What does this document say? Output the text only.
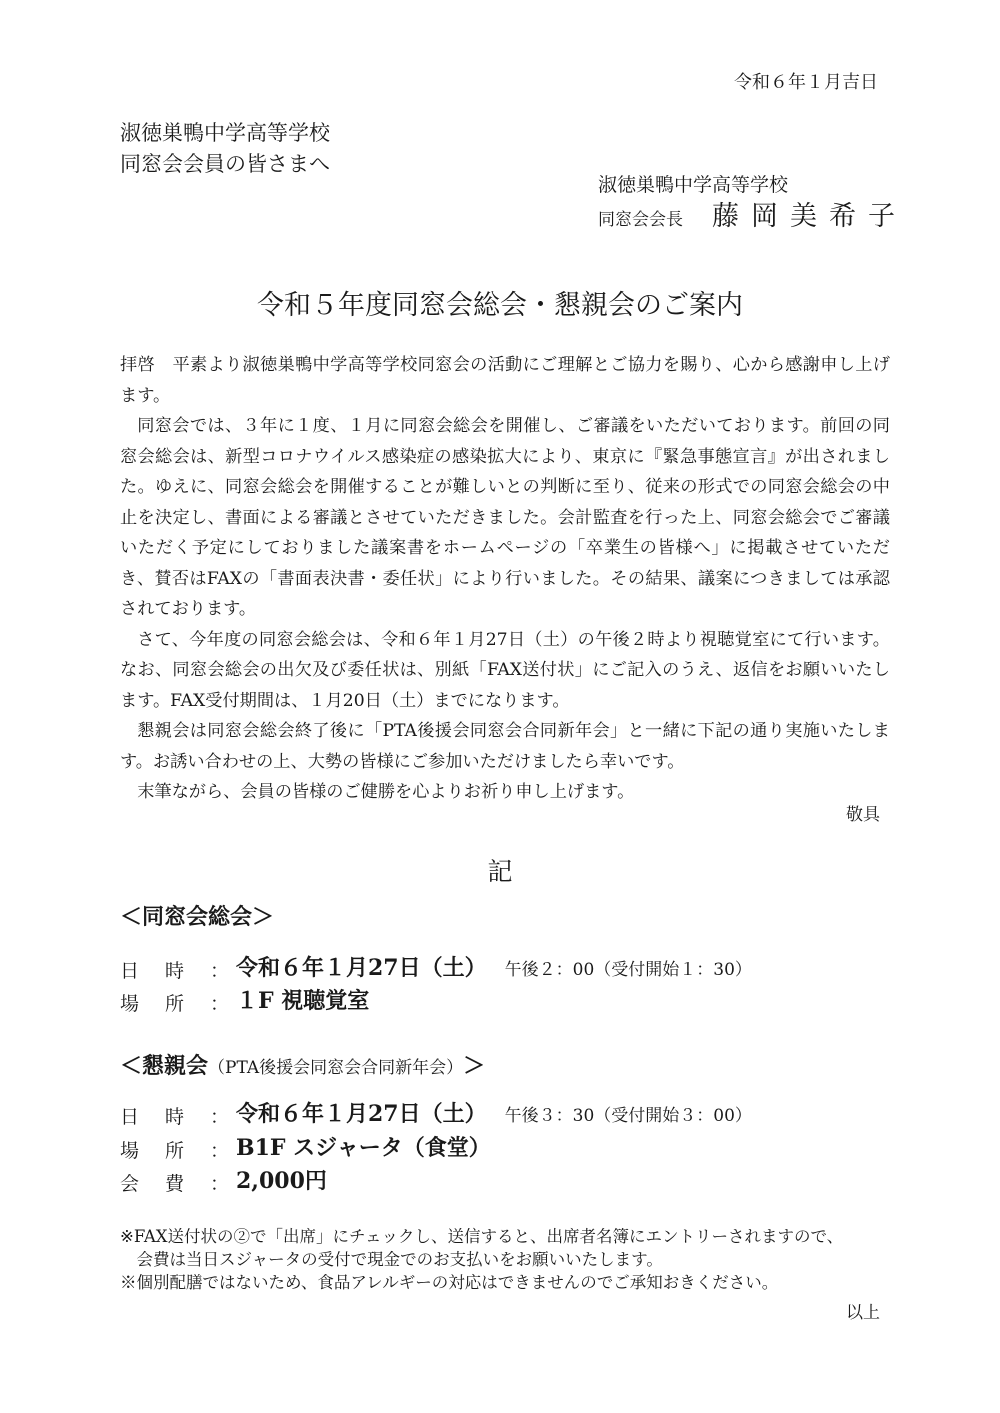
令和６年１月吉日
淑徳巣鴨中学高等学校
同窓会会員の皆さまへ
淑徳巣鴨中学高等学校
同窓会会長 藤岡美希子
令和５年度同窓会総会・懇親会のご案内

拝啓　平素より淑徳巣鴨中学高等学校同窓会の活動にご理解とご協力を賜り、心から感謝申し上げます。

同窓会では、３年に１度、１月に同窓会総会を開催し、ご審議をいただいております。前回の同窓会総会は、新型コロナウイルス感染症の感染拡大により、東京に『緊急事態宣言』が出されました。ゆえに、同窓会総会を開催することが難しいとの判断に至り、従来の形式での同窓会総会の中止を決定し、書面による審議とさせていただきました。会計監査を行った上、同窓会総会でご審議いただく予定にしておりました議案書をホームページの「卒業生の皆様へ」に掲載させていただき、賛否はFAXの「書面表決書・委任状」により行いました。その結果、議案につきましては承認されております。

さて、今年度の同窓会総会は、令和６年１月27日（土）の午後２時より視聴覚室にて行います。なお、同窓会総会の出欠及び委任状は、別紙「FAX送付状」にご記入のうえ、返信をお願いいたします。FAX受付期間は、１月20日（土）までになります。

懇親会は同窓会総会終了後に「PTA後援会同窓会合同新年会」と一緒に下記の通り実施いたします。お誘い合わせの上、大勢の皆様にご参加いただけましたら幸いです。

末筆ながら、会員の皆様のご健勝を心よりお祈り申し上げます。

敬具
記
＜同窓会総会＞
日時 ： 令和６年１月27日（土） 午後２：00（受付開始１：30）
場所 ： １F 視聴覚室
＜懇親会（PTA後援会同窓会合同新年会）＞
日時 ： 令和６年１月27日（土） 午後３：30（受付開始３：00）
場所 ： B1F スジャータ（食堂）
会費 ： 2,000円

※FAX送付状の②で「出席」にチェックし、送信すると、出席者名簿にエントリーされますので、

会費は当日スジャータの受付で現金でのお支払いをお願いいたします。

※個別配膳ではないため、食品アレルギーの対応はできませんのでご承知おきください。

以上
